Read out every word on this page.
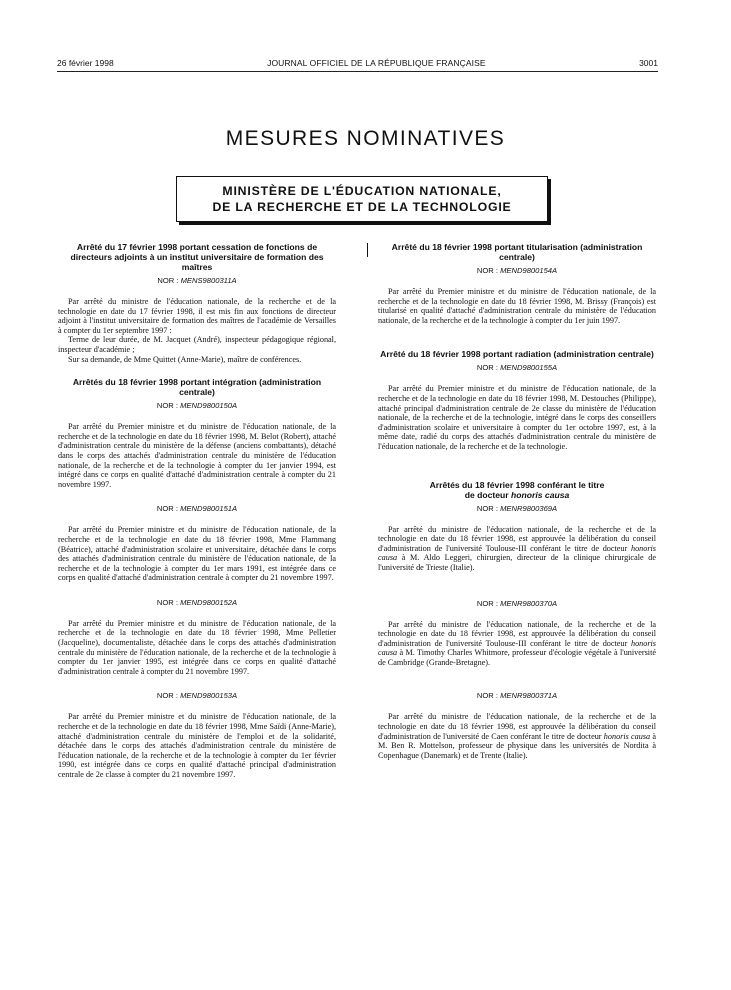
26 février 1998	JOURNAL OFFICIEL DE LA RÉPUBLIQUE FRANÇAISE	3001
MESURES NOMINATIVES
MINISTÈRE DE L'ÉDUCATION NATIONALE,
DE LA RECHERCHE ET DE LA TECHNOLOGIE

Arrêté du 17 février 1998 portant cessation de fonctions de directeurs adjoints à un institut universitaire de formation des maîtres

NOR : MENS9800311A

Par arrêté du ministre de l'éducation nationale, de la recherche et de la technologie en date du 17 février 1998, il est mis fin aux fonctions de directeur adjoint à l'institut universitaire de formation des maîtres de l'académie de Versailles à compter du 1er septembre 1997 :

Terme de leur durée, de M. Jacquet (André), inspecteur pédagogique régional, inspecteur d'académie ;

Sur sa demande, de Mme Quittet (Anne-Marie), maître de conférences.

Arrêtés du 18 février 1998 portant intégration (administration centrale)

NOR : MEND9800150A

Par arrêté du Premier ministre et du ministre de l'éducation nationale, de la recherche et de la technologie en date du 18 février 1998, M. Belot (Robert), attaché d'administration centrale du ministère de la défense (anciens combattants), détaché dans le corps des attachés d'administration centrale du ministère de l'éducation nationale, de la recherche et de la technologie à compter du 1er janvier 1994, est intégré dans ce corps en qualité d'attaché d'administration centrale à compter du 21 novembre 1997.

NOR : MEND9800151A

Par arrêté du Premier ministre et du ministre de l'éducation nationale, de la recherche et de la technologie en date du 18 février 1998, Mme Flammang (Béatrice), attaché d'administration scolaire et universitaire, détachée dans le corps des attachés d'administration centrale du ministère de l'éducation nationale, de la recherche et de la technologie à compter du 1er mars 1991, est intégrée dans ce corps en qualité d'attaché d'administration centrale à compter du 21 novembre 1997.

NOR : MEND9800152A

Par arrêté du Premier ministre et du ministre de l'éducation nationale, de la recherche et de la technologie en date du 18 février 1998, Mme Pelletier (Jacqueline), documentaliste, détachée dans le corps des attachés d'administration centrale du ministère de l'éducation nationale, de la recherche et de la technologie à compter du 1er janvier 1995, est intégrée dans ce corps en qualité d'attaché d'administration centrale à compter du 21 novembre 1997.

NOR : MEND9800153A

Par arrêté du Premier ministre et du ministre de l'éducation nationale, de la recherche et de la technologie en date du 18 février 1998, Mme Saïdi (Anne-Marie), attaché d'administration centrale du ministère de l'emploi et de la solidarité, détachée dans le corps des attachés d'administration centrale du ministère de l'éducation nationale, de la recherche et de la technologie à compter du 1er février 1990, est intégrée dans ce corps en qualité d'attaché principal d'administration centrale de 2e classe à compter du 21 novembre 1997.

Arrêté du 18 février 1998 portant titularisation (administration centrale)

NOR : MEND9800154A

Par arrêté du Premier ministre et du ministre de l'éducation nationale, de la recherche et de la technologie en date du 18 février 1998, M. Brissy (François) est titularisé en qualité d'attaché d'administration centrale du ministère de l'éducation nationale, de la recherche et de la technologie à compter du 1er juin 1997.

Arrêté du 18 février 1998 portant radiation (administration centrale)

NOR : MEND9800155A

Par arrêté du Premier ministre et du ministre de l'éducation nationale, de la recherche et de la technologie en date du 18 février 1998, M. Destouches (Philippe), attaché principal d'administration centrale de 2e classe du ministère de l'éducation nationale, de la recherche et de la technologie, intégré dans le corps des conseillers d'administration scolaire et universitaire à compter du 1er octobre 1997, est, à la même date, radié du corps des attachés d'administration centrale du ministère de l'éducation nationale, de la recherche et de la technologie.

Arrêtés du 18 février 1998 conférant le titre
de docteur honoris causa

NOR : MENR9800369A

Par arrêté du ministre de l'éducation nationale, de la recherche et de la technologie en date du 18 février 1998, est approuvée la délibération du conseil d'administration de l'université Toulouse-III conférant le titre de docteur honoris causa à M. Aldo Leggeri, chirurgien, directeur de la clinique chirurgicale de l'université de Trieste (Italie).

NOR : MENR9800370A

Par arrêté du ministre de l'éducation nationale, de la recherche et de la technologie en date du 18 février 1998, est approuvée la délibération du conseil d'administration de l'université Toulouse-III conférant le titre de docteur honoris causa à M. Timothy Charles Whitmore, professeur d'écologie végétale à l'université de Cambridge (Grande-Bretagne).

NOR : MENR9800371A

Par arrêté du ministre de l'éducation nationale, de la recherche et de la technologie en date du 18 février 1998, est approuvée la délibération du conseil d'administration de l'université de Caen conférant le titre de docteur honoris causa à M. Ben R. Mottelson, professeur de physique dans les universités de Nordita à Copenhague (Danemark) et de Trente (Italie).
